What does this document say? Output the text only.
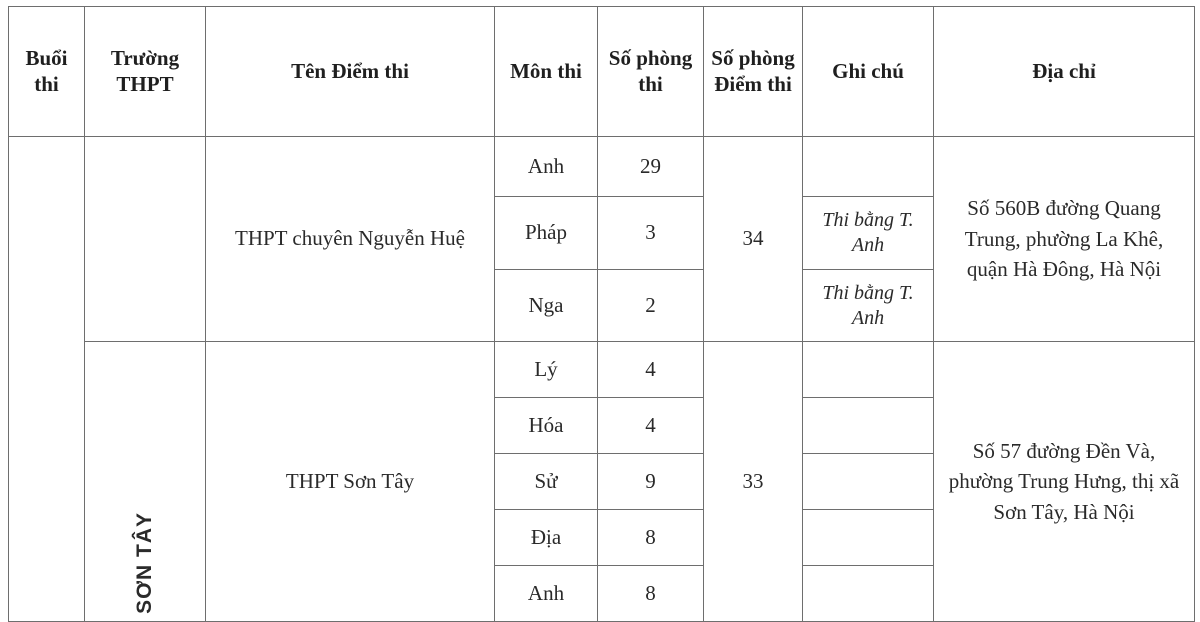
Buổi thi	Trường THPT	Tên Điểm thi	Môn thi	Số phòng thi	Số phòng Điểm thi	Ghi chú	Địa chỉ
		THPT chuyên Nguyễn Huệ	Anh	29	34		Số 560B đường Quang Trung, phường La Khê, quận Hà Đông, Hà Nội
			Pháp	3		Thi bằng T. Anh	
			Nga	2		Thi bằng T. Anh	
	SƠN TÂY	THPT Sơn Tây	Lý	4	33		Số 57 đường Đền Và, phường Trung Hưng, thị xã Sơn Tây, Hà Nội
			Hóa	4			
			Sử	9			
			Địa	8			
			Anh	8			
